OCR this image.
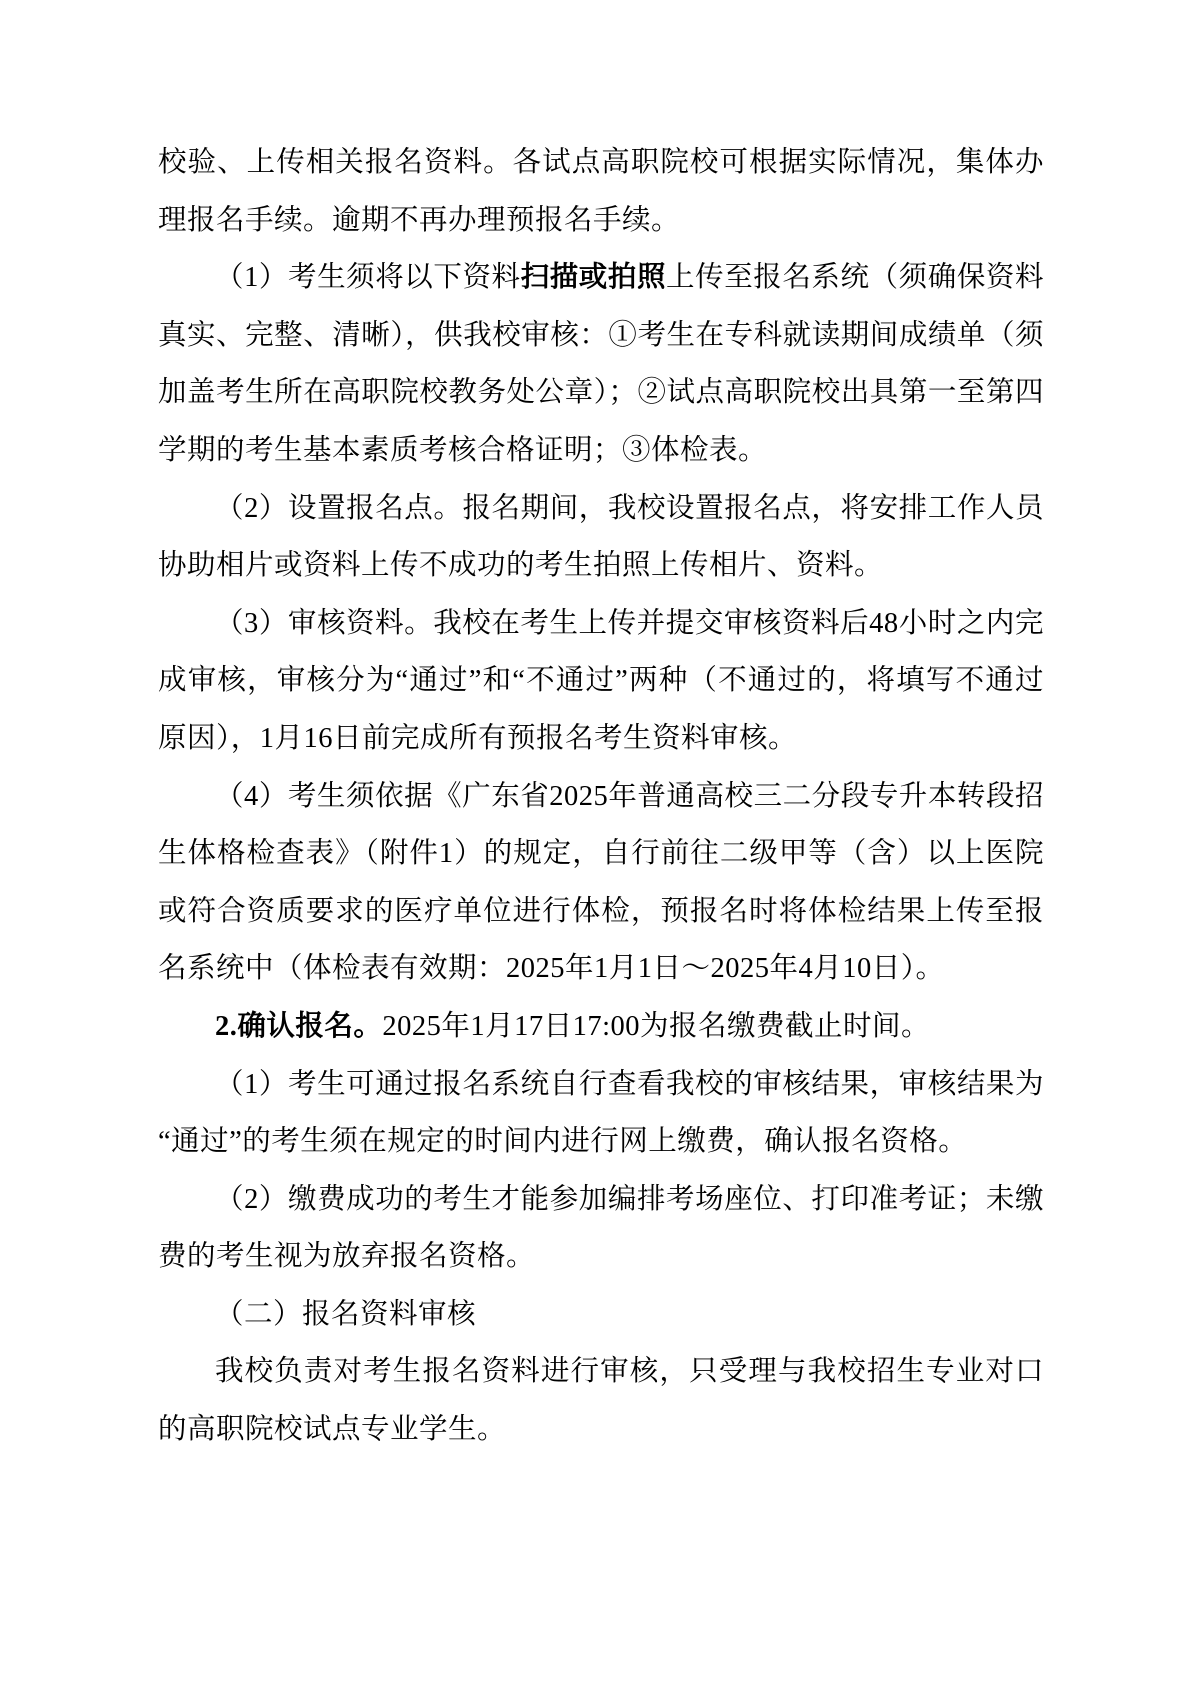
校验、上传相关报名资料。各试点高职院校可根据实际情况，集体办理报名手续。逾期不再办理预报名手续。

（1）考生须将以下资料扫描或拍照上传至报名系统（须确保资料真实、完整、清晰），供我校审核：①考生在专科就读期间成绩单（须加盖考生所在高职院校教务处公章）；②试点高职院校出具第一至第四学期的考生基本素质考核合格证明；③体检表。

（2）设置报名点。报名期间，我校设置报名点，将安排工作人员协助相片或资料上传不成功的考生拍照上传相片、资料。

（3）审核资料。我校在考生上传并提交审核资料后48小时之内完成审核，审核分为“通过”和“不通过”两种（不通过的，将填写不通过原因），1月16日前完成所有预报名考生资料审核。

（4）考生须依据《广东省2025年普通高校三二分段专升本转段招生体格检查表》（附件1）的规定，自行前往二级甲等（含）以上医院或符合资质要求的医疗单位进行体检，预报名时将体检结果上传至报名系统中（体检表有效期：2025年1月1日～2025年4月10日）。

2.确认报名。2025年1月17日17:00为报名缴费截止时间。

（1）考生可通过报名系统自行查看我校的审核结果，审核结果为“通过”的考生须在规定的时间内进行网上缴费，确认报名资格。

（2）缴费成功的考生才能参加编排考场座位、打印准考证；未缴费的考生视为放弃报名资格。

（二）报名资料审核

我校负责对考生报名资料进行审核，只受理与我校招生专业对口的高职院校试点专业学生。
